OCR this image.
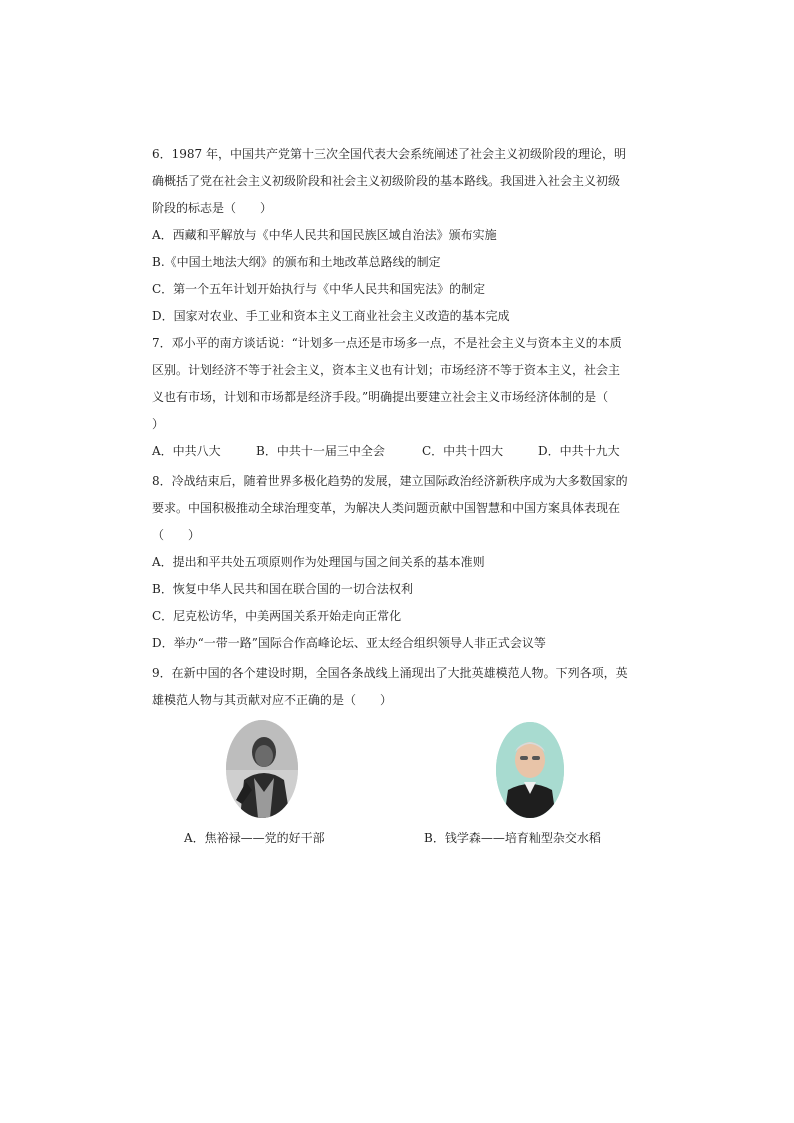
6．1987 年，中国共产党第十三次全国代表大会系统阐述了社会主义初级阶段的理论，明
确概括了党在社会主义初级阶段和社会主义初级阶段的基本路线。我国进入社会主义初级
阶段的标志是（　　）
A．西藏和平解放与《中华人民共和国民族区域自治法》颁布实施
B.《中国土地法大纲》的颁布和土地改革总路线的制定
C．第一个五年计划开始执行与《中华人民共和国宪法》的制定
D．国家对农业、手工业和资本主义工商业社会主义改造的基本完成
7．邓小平的南方谈话说：“计划多一点还是市场多一点，不是社会主义与资本主义的本质
区别。计划经济不等于社会主义，资本主义也有计划；市场经济不等于资本主义，社会主
义也有市场，计划和市场都是经济手段。”明确提出要建立社会主义市场经济体制的是（
）
A．中共八大	B．中共十一届三中全会	C．中共十四大	D．中共十九大
8．冷战结束后，随着世界多极化趋势的发展，建立国际政治经济新秩序成为大多数国家的
要求。中国积极推动全球治理变革，为解决人类问题贡献中国智慧和中国方案具体表现在
（　　）
A．提出和平共处五项原则作为处理国与国之间关系的基本准则
B．恢复中华人民共和国在联合国的一切合法权利
C．尼克松访华，中美两国关系开始走向正常化
D．举办“一带一路”国际合作高峰论坛、亚太经合组织领导人非正式会议等
9．在新中国的各个建设时期，全国各条战线上涌现出了大批英雄模范人物。下列各项，英
雄模范人物与其贡献对应不正确的是（　　）
A．焦裕禄——党的好干部	B．钱学森——培育籼型杂交水稻
